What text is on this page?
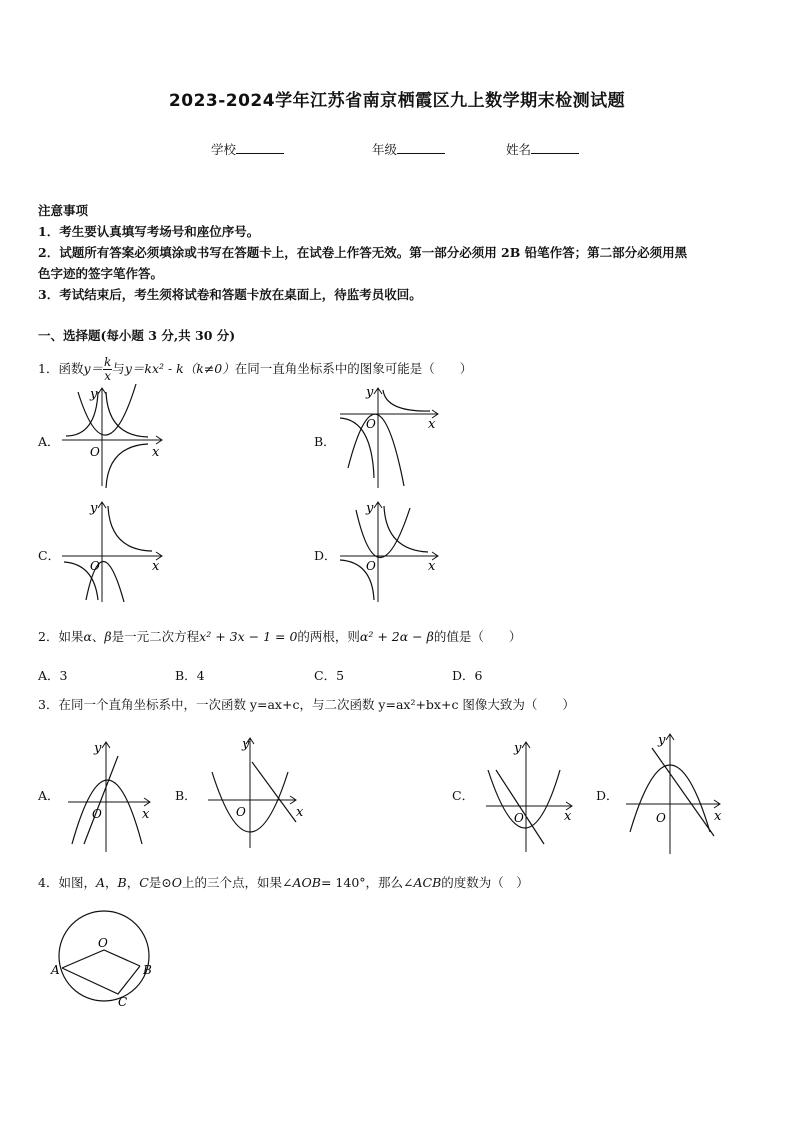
2023-2024学年江苏省南京栖霞区九上数学期末检测试题
学校	年级	姓名
注意事项
1．考生要认真填写考场号和座位序号。
2．试题所有答案必须填涂或书写在答题卡上，在试卷上作答无效。第一部分必须用 2B 铅笔作答；第二部分必须用黑
色字迹的签字笔作答。
3．考试结束后，考生须将试卷和答题卡放在桌面上，待监考员收回。
一、选择题(每小题 3 分,共 30 分)
1．函数$y= \frac{k}{x}$ 与y＝kx² - k（k≠0）在同一直角坐标系中的图象可能是（　　）
A．	B．
C．	D．
y
x
O
y
x
O
y
x
O
y
x
O
2．如果α、β是一元二次方程x² + 3x − 1 = 0的两根，则α² + 2α − β的值是（　　）
A．3	B．4	C．5	D．6
3．在同一个直角坐标系中，一次函数 y=ax+c，与二次函数 y=ax²+bx+c 图像大致为（　　）
A．	B．	C．	D．
y
x
O
y
x
O
y
x
O
y
x
O
4．如图，A，B，C是⊙O上的三个点，如果∠AOB= 140°，那么∠ACB的度数为（　）
O
A	B
C
